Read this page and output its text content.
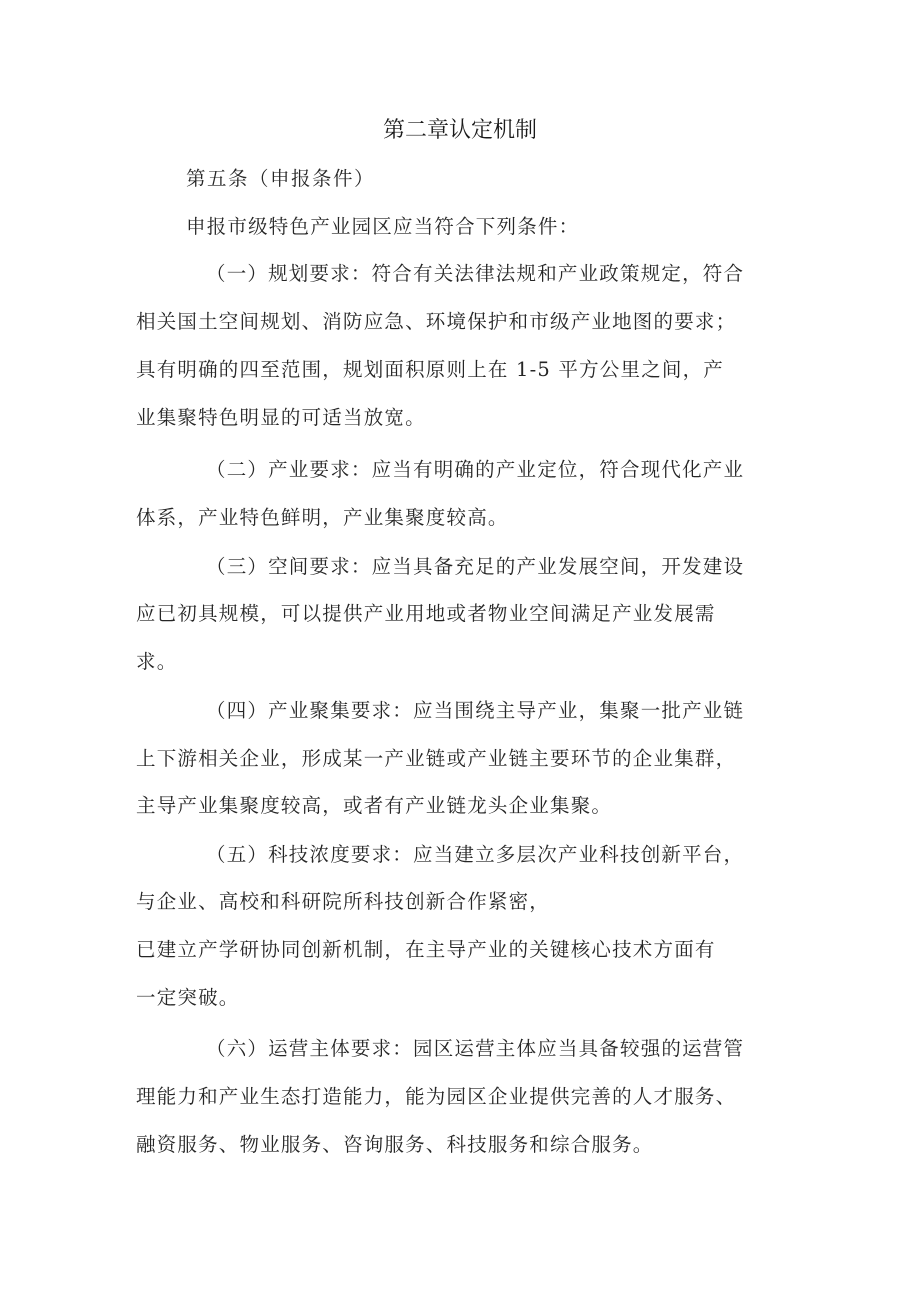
第二章认定机制

第五条（申报条件）

申报市级特色产业园区应当符合下列条件：

（一）规划要求：符合有关法律法规和产业政策规定，符合

相关国土空间规划、消防应急、环境保护和市级产业地图的要求；

具有明确的四至范围，规划面积原则上在 1-5 平方公里之间，产

业集聚特色明显的可适当放宽。

（二）产业要求：应当有明确的产业定位，符合现代化产业

体系，产业特色鲜明，产业集聚度较高。

（三）空间要求：应当具备充足的产业发展空间，开发建设

应已初具规模，可以提供产业用地或者物业空间满足产业发展需

求。

（四）产业聚集要求：应当围绕主导产业，集聚一批产业链

上下游相关企业，形成某一产业链或产业链主要环节的企业集群，

主导产业集聚度较高，或者有产业链龙头企业集聚。

（五）科技浓度要求：应当建立多层次产业科技创新平台，

与企业、高校和科研院所科技创新合作紧密，

已建立产学研协同创新机制，在主导产业的关键核心技术方面有

一定突破。

（六）运营主体要求：园区运营主体应当具备较强的运营管

理能力和产业生态打造能力，能为园区企业提供完善的人才服务、

融资服务、物业服务、咨询服务、科技服务和综合服务。
